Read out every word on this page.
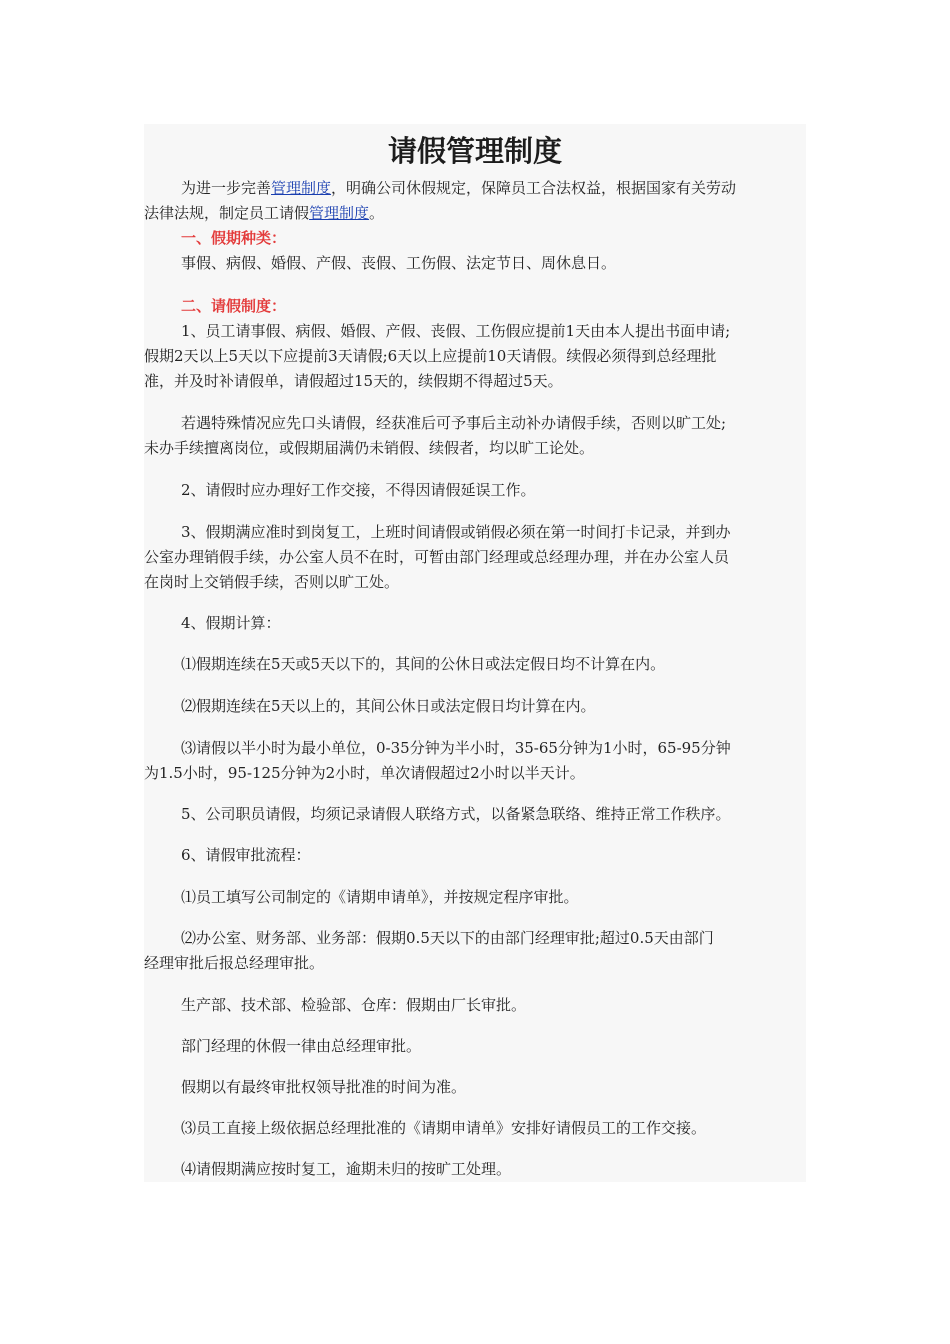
请假管理制度

为进一步完善管理制度，明确公司休假规定，保障员工合法权益，根据国家有关劳动

法律法规，制定员工请假管理制度。

一、假期种类：

事假、病假、婚假、产假、丧假、工伤假、法定节日、周休息日。

二、请假制度：

1、员工请事假、病假、婚假、产假、丧假、工伤假应提前1天由本人提出书面申请;

假期2天以上5天以下应提前3天请假;6天以上应提前10天请假。续假必须得到总经理批

准，并及时补请假单，请假超过15天的，续假期不得超过5天。

若遇特殊情况应先口头请假，经获准后可予事后主动补办请假手续，否则以旷工处;

未办手续擅离岗位，或假期届满仍未销假、续假者，均以旷工论处。

2、请假时应办理好工作交接，不得因请假延误工作。

3、假期满应准时到岗复工，上班时间请假或销假必须在第一时间打卡记录，并到办

公室办理销假手续，办公室人员不在时，可暂由部门经理或总经理办理，并在办公室人员

在岗时上交销假手续，否则以旷工处。

4、假期计算：

⑴假期连续在5天或5天以下的，其间的公休日或法定假日均不计算在内。

⑵假期连续在5天以上的，其间公休日或法定假日均计算在内。

⑶请假以半小时为最小单位，0-35分钟为半小时，35-65分钟为1小时，65-95分钟

为1.5小时，95-125分钟为2小时，单次请假超过2小时以半天计。

5、公司职员请假，均须记录请假人联络方式，以备紧急联络、维持正常工作秩序。

6、请假审批流程：

⑴员工填写公司制定的《请期申请单》，并按规定程序审批。

⑵办公室、财务部、业务部：假期0.5天以下的由部门经理审批;超过0.5天由部门

经理审批后报总经理审批。

生产部、技术部、检验部、仓库：假期由厂长审批。

部门经理的休假一律由总经理审批。

假期以有最终审批权领导批准的时间为准。

⑶员工直接上级依据总经理批准的《请期申请单》安排好请假员工的工作交接。

⑷请假期满应按时复工，逾期未归的按旷工处理。
